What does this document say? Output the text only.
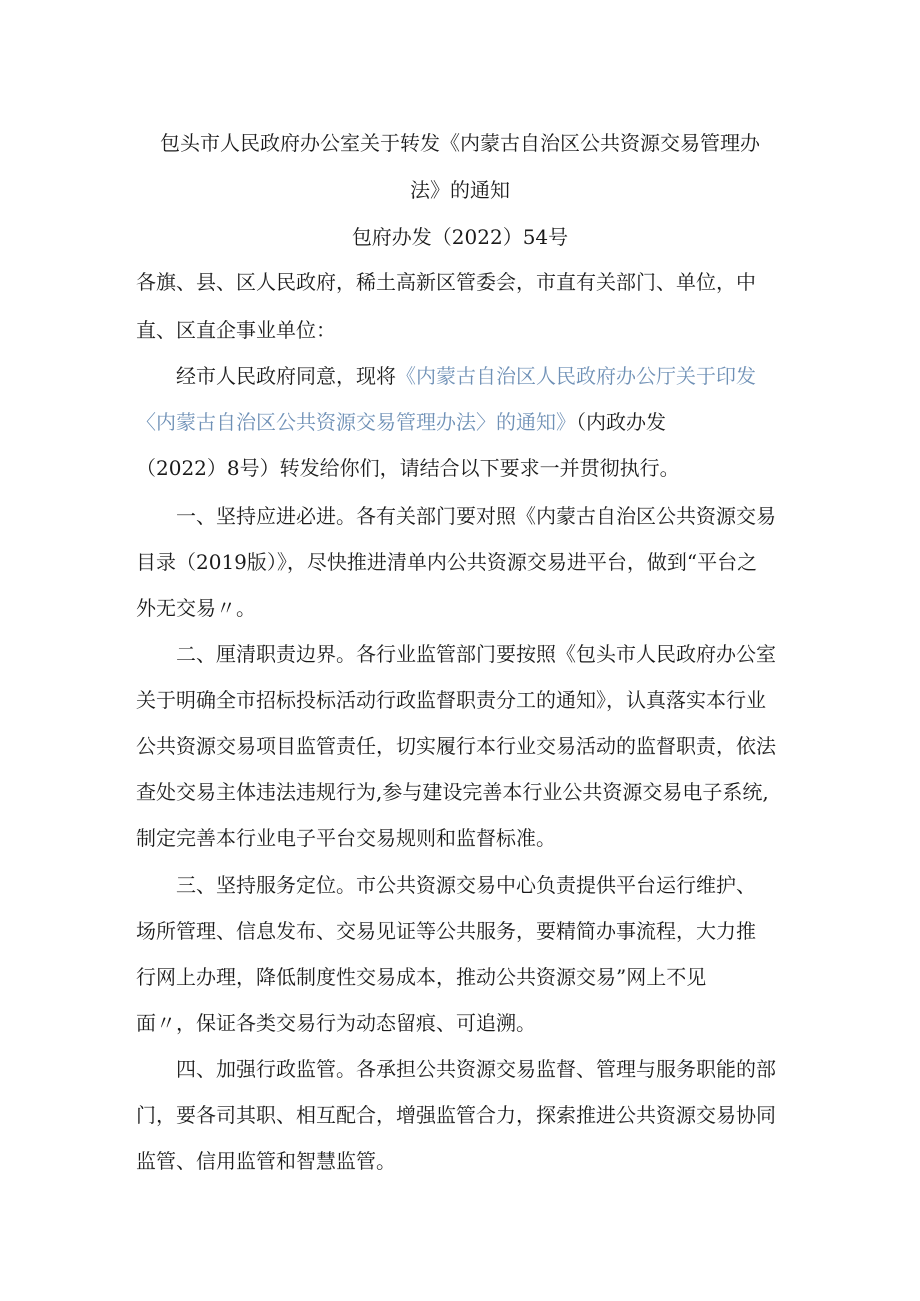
包头市人民政府办公室关于转发《内蒙古自治区公共资源交易管理办
法》的通知
包府办发（2022）54号
各旗、县、区人民政府，稀土高新区管委会，市直有关部门、单位，中
直、区直企事业单位：
经市人民政府同意，现将《内蒙古自治区人民政府办公厅关于印发
〈内蒙古自治区公共资源交易管理办法〉的通知》（内政办发
（2022）8号）转发给你们，请结合以下要求一并贯彻执行。
一、坚持应进必进。各有关部门要对照《内蒙古自治区公共资源交易
目录（2019版）》，尽快推进清单内公共资源交易进平台，做到“平台之
外无交易〃。
二、厘清职责边界。各行业监管部门要按照《包头市人民政府办公室
关于明确全市招标投标活动行政监督职责分工的通知》，认真落实本行业
公共资源交易项目监管责任，切实履行本行业交易活动的监督职责，依法
查处交易主体违法违规行为,参与建设完善本行业公共资源交易电子系统,
制定完善本行业电子平台交易规则和监督标准。
三、坚持服务定位。市公共资源交易中心负责提供平台运行维护、
场所管理、信息发布、交易见证等公共服务，要精简办事流程，大力推
行网上办理，降低制度性交易成本，推动公共资源交易”网上不见
面〃，保证各类交易行为动态留痕、可追溯。
四、加强行政监管。各承担公共资源交易监督、管理与服务职能的部
门，要各司其职、相互配合，增强监管合力，探索推进公共资源交易协同
监管、信用监管和智慧监管。
